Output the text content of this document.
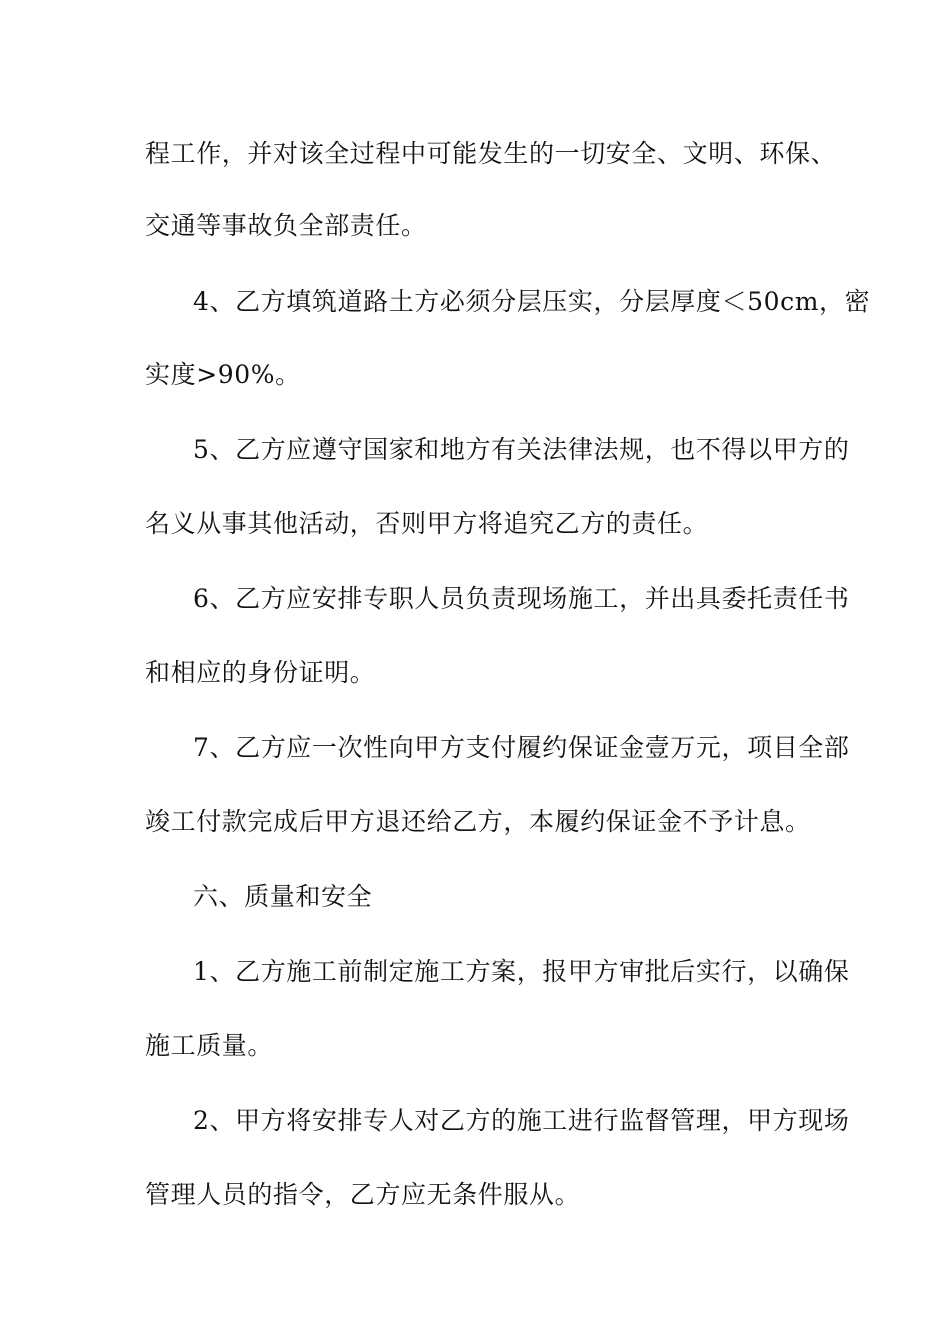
程工作，并对该全过程中可能发生的一切安全、文明、环保、
交通等事故负全部责任。
4、乙方填筑道路土方必须分层压实，分层厚度＜50cm，密
实度>90%。
5、乙方应遵守国家和地方有关法律法规，也不得以甲方的
名义从事其他活动，否则甲方将追究乙方的责任。
6、乙方应安排专职人员负责现场施工，并出具委托责任书
和相应的身份证明。
7、乙方应一次性向甲方支付履约保证金壹万元，项目全部
竣工付款完成后甲方退还给乙方，本履约保证金不予计息。
六、质量和安全
1、乙方施工前制定施工方案，报甲方审批后实行，以确保
施工质量。
2、甲方将安排专人对乙方的施工进行监督管理，甲方现场
管理人员的指令，乙方应无条件服从。
